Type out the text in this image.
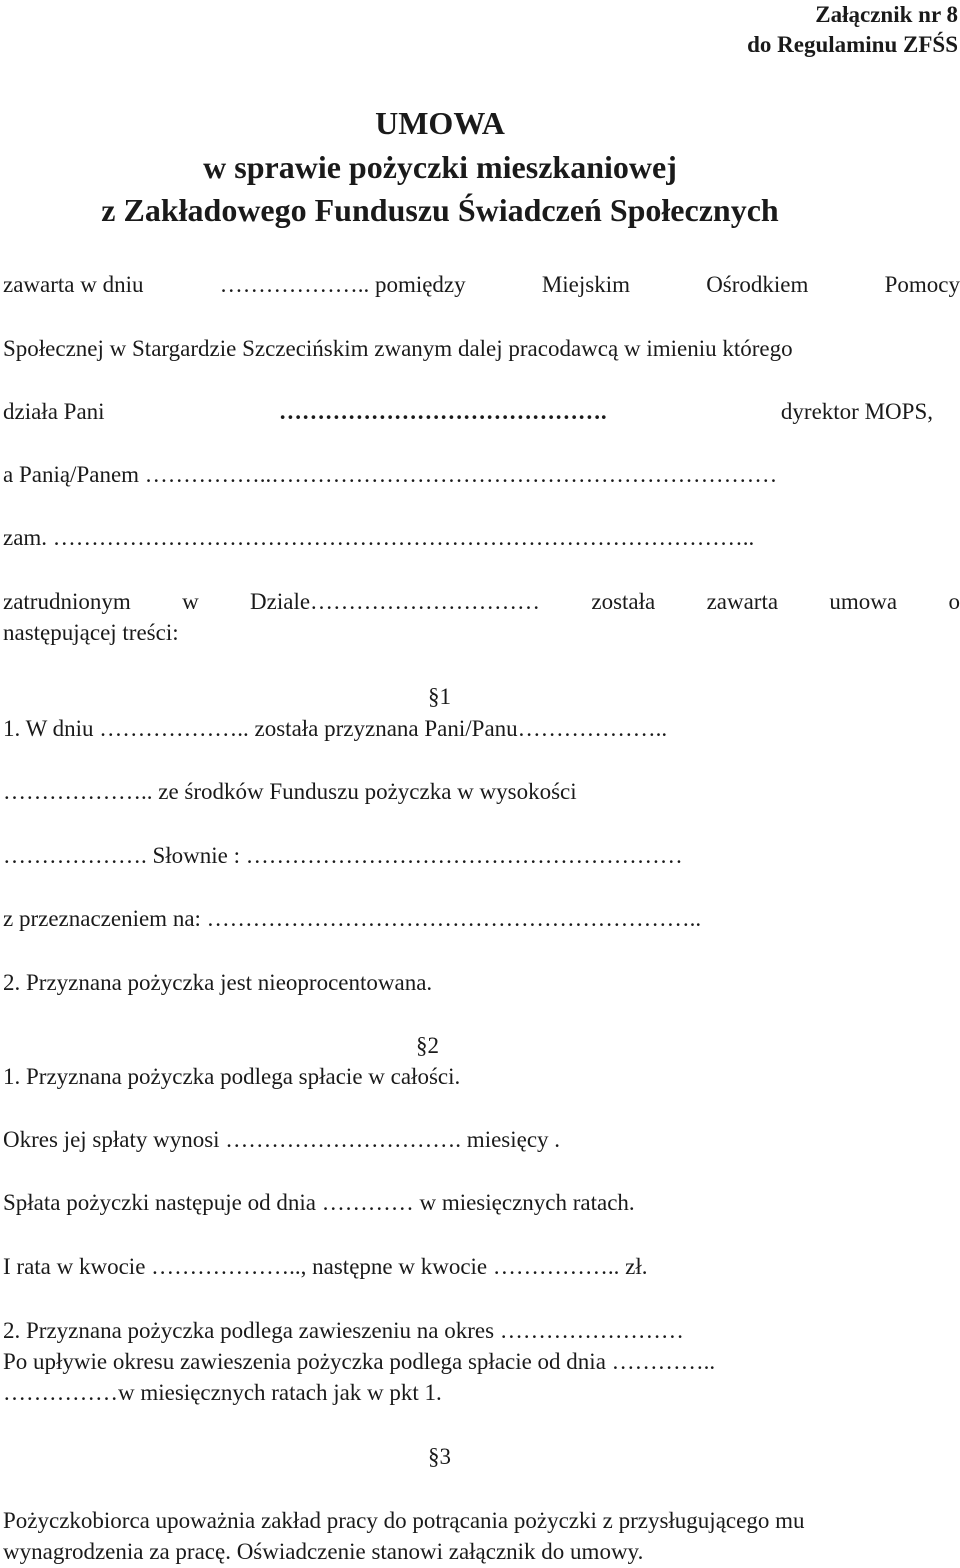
Załącznik nr 8
do Regulaminu ZFŚS
UMOWA
w sprawie pożyczki mieszkaniowej
z Zakładowego Funduszu Świadczeń Społecznych
zawarta w dniu	……………….. pomiędzy	Miejskim	Ośrodkiem	Pomocy
Społecznej w Stargardzie Szczecińskim zwanym dalej pracodawcą w imieniu którego
działa Pani	…………………………………….	dyrektor MOPS,
a Panią/Panem ……………..…………………………………………………………
zam. ………………………………………………………………………………..
zatrudnionym w Dziale………………………… została zawarta umowa o
następującej treści:
§1
1. W dniu ……………….. została przyznana Pani/Panu………………..
……………….. ze środków Funduszu pożyczka w wysokości
………………. Słownie : …………………………………………………
z przeznaczeniem na: ………………………………………………………..
2. Przyznana pożyczka jest nieoprocentowana.
§2
1. Przyznana pożyczka podlega spłacie w całości.
Okres jej spłaty wynosi …………………………. miesięcy .
Spłata pożyczki następuje od dnia ………… w miesięcznych ratach.
I rata w kwocie ……………….., następne w kwocie …………….. zł.
2. Przyznana pożyczka podlega zawieszeniu na okres ……………………
Po upływie okresu zawieszenia pożyczka podlega spłacie od dnia …………..
……………w miesięcznych ratach jak w pkt 1.
§3
Pożyczkobiorca upoważnia zakład pracy do potrącania pożyczki z przysługującego mu
wynagrodzenia za pracę. Oświadczenie stanowi załącznik do umowy.
